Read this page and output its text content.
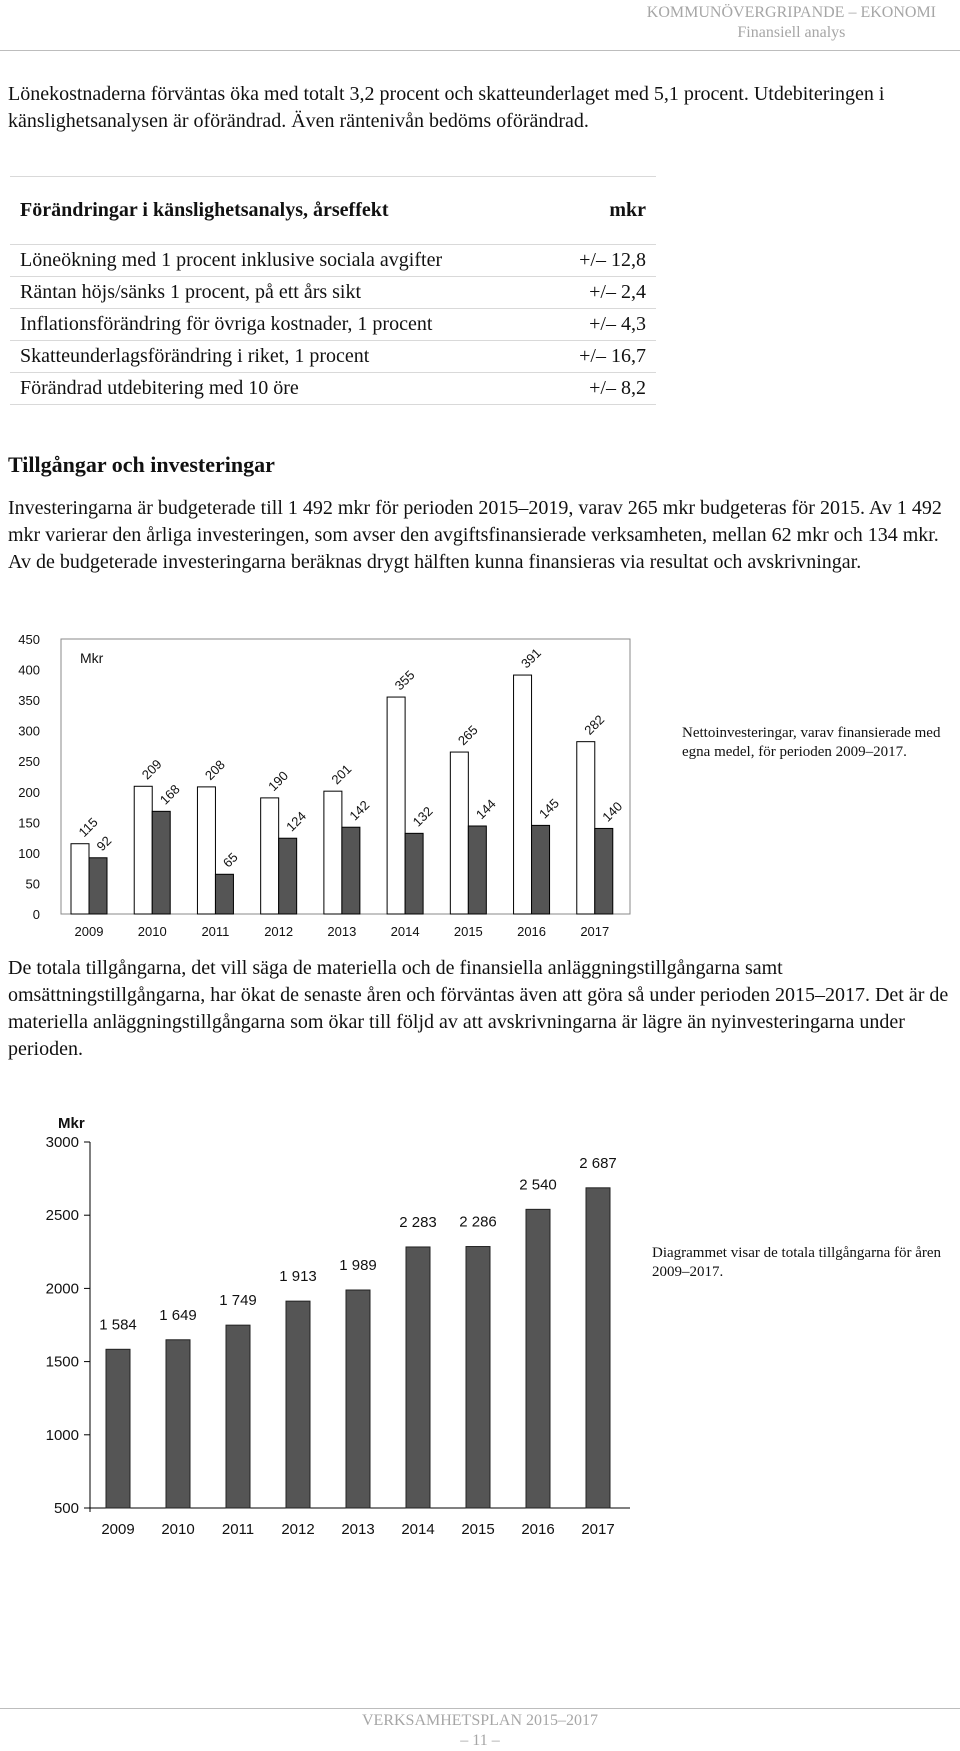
KOMMUNÖVERGRIPANDE – EKONOMI
Finansiell analys

Lönekostnaderna förväntas öka med totalt 3,2 procent och skatteunderlaget med 5,1 procent. Utdebiteringen i känslighetsanalysen är oförändrad. Även räntenivån bedöms oförändrad.

Förändringar i känslighetsanalys, årseffekt	mkr
Löneökning med 1 procent inklusive sociala avgifter	+/– 12,8
Räntan höjs/sänks 1 procent, på ett års sikt	+/– 2,4
Inflationsförändring för övriga kostnader, 1 procent	+/– 4,3
Skatteunderlagsförändring i riket, 1 procent	+/– 16,7
Förändrad utdebitering med 10 öre	+/– 8,2
Tillgångar och investeringar

Investeringarna är budgeterade till 1 492 mkr för perioden 2015–2019, varav 265 mkr budgeteras för 2015. Av 1 492 mkr varierar den årliga investeringen, som avser den avgiftsfinansierade verksamheten, mellan 62 mkr och 134 mkr. Av de budgeterade investeringarna beräknas drygt hälften kunna finansieras via resultat och avskrivningar.

0
50
100
150
200
250
300
350
400
450
Mkr
115
92
2009
209
168
2010
208
65
2011
190
124
2012
201
142
2013
355
132
2014
265
144
2015
391
145
2016
282
140
2017
Nettoinvesteringar, varav finansierade med egna medel, för perioden 2009–2017.

De totala tillgångarna, det vill säga de materiella och de finansiella anläggningstillgångarna samt omsättningstillgångarna, har ökat de senaste åren och förväntas även att göra så under perioden 2015–2017. Det är de materiella anläggningstillgångarna som ökar till följd av att avskrivningarna är lägre än nyinvesteringarna under perioden.

500
1000
1500
2000
2500
3000
Mkr
1 584
2009
1 649
2010
1 749
2011
1 913
2012
1 989
2013
2 283
2014
2 286
2015
2 540
2016
2 687
2017
Diagrammet visar de totala tillgångarna för åren 2009–2017.
VERKSAMHETSPLAN 2015–2017
– 11 –
